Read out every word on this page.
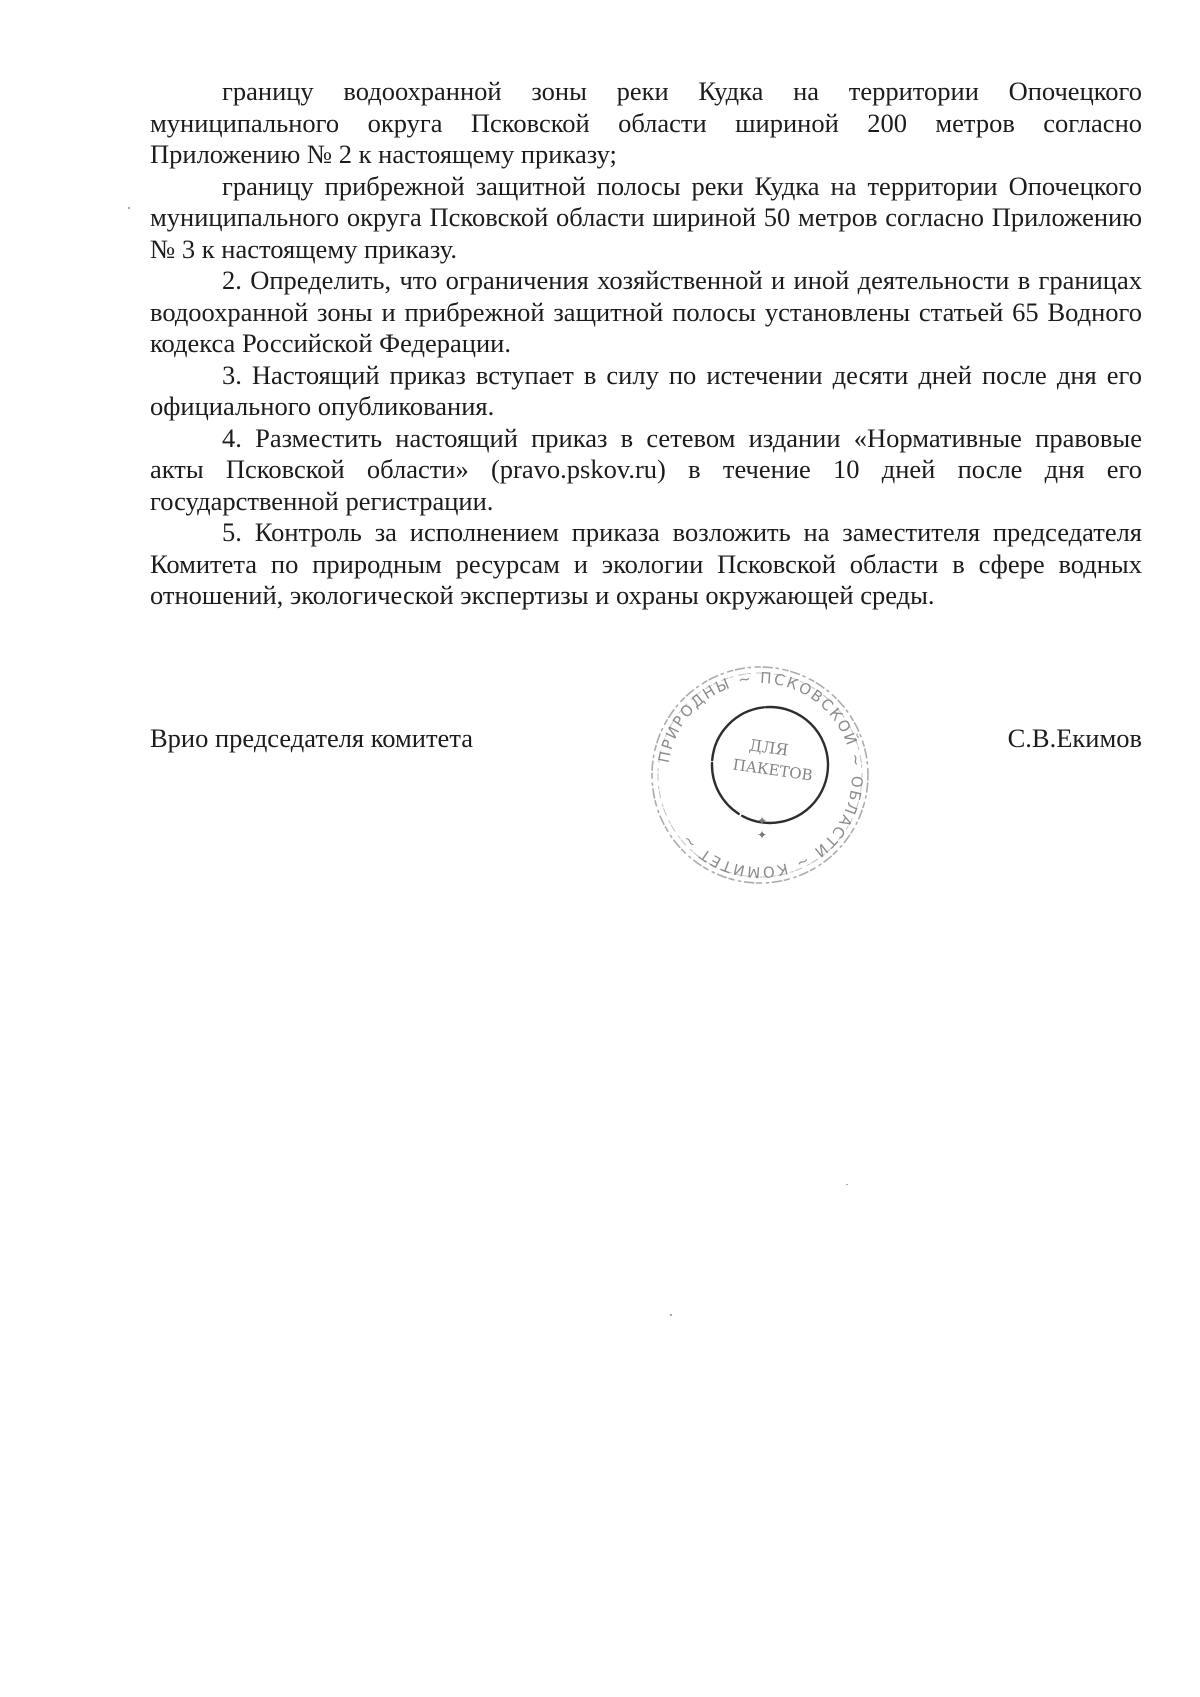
границу водоохранной зоны реки Кудка на территории Опочецкого муниципального округа Псковской области шириной 200 метров согласно Приложению № 2 к настоящему приказу;

границу прибрежной защитной полосы реки Кудка на территории Опочецкого муниципального округа Псковской области шириной 50 метров согласно Приложению № 3 к настоящему приказу.

2. Определить, что ограничения хозяйственной и иной деятельности в границах водоохранной зоны и прибрежной защитной полосы установлены статьей 65 Водного кодекса Российской Федерации.

3. Настоящий приказ вступает в силу по истечении десяти дней после дня его официального опубликования.

4. Разместить настоящий приказ в сетевом издании «Нормативные правовые акты Псковской области» (pravo.pskov.ru) в течение 10 дней после дня его государственной регистрации.

5. Контроль за исполнением приказа возложить на заместителя председателя Комитета по природным ресурсам и экологии Псковской области в сфере водных отношений, экологической экспертизы и охраны окружающей среды.

Врио председателя комитета	С.В.Екимов
ПРИРОДНЫ ~ ПСКОВСКОЙ ~ ОБЛАСТИ ~ КОМИТЕТ ~
ДЛЯ
ПАКЕТОВ
✦
✦
